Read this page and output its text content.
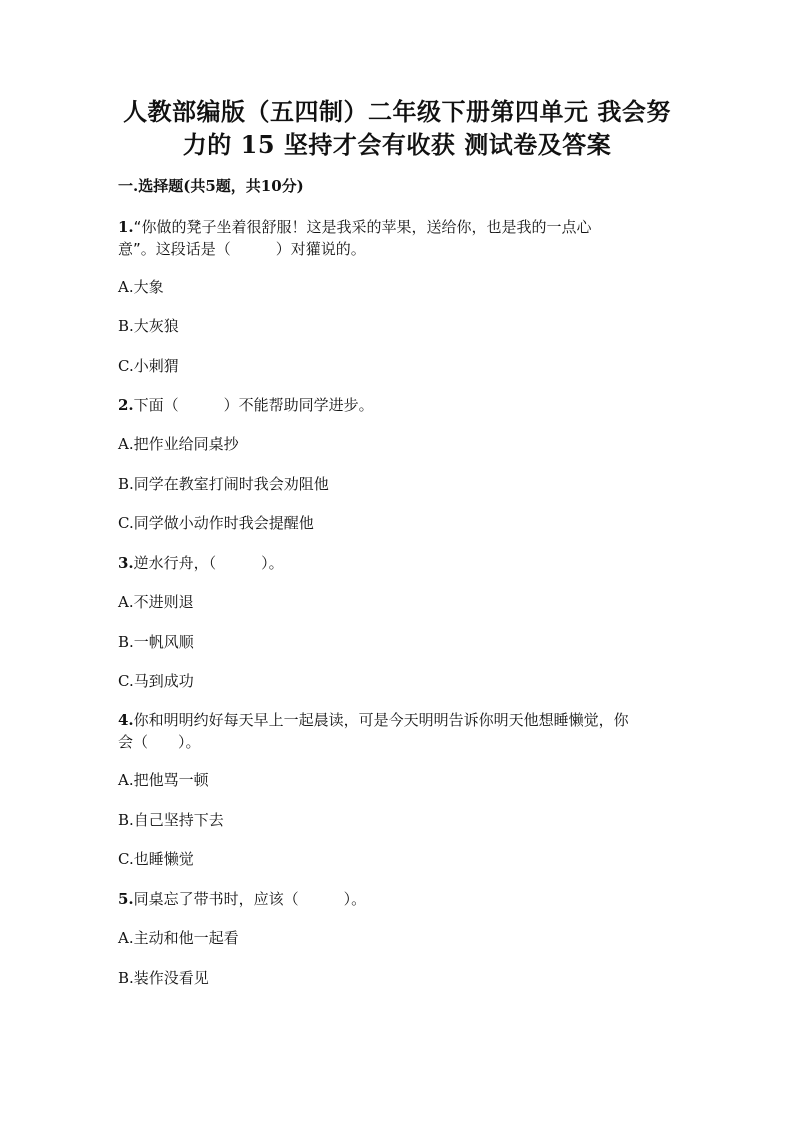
人教部编版（五四制）二年级下册第四单元 我会努
力的 15 坚持才会有收获 测试卷及答案
一.选择题(共5题，共10分)
1.“你做的凳子坐着很舒服！这是我采的苹果，送给你，也是我的一点心
意”。这段话是（　　　）对獾说的。
A.大象
B.大灰狼
C.小刺猬
2.下面（　　　）不能帮助同学进步。
A.把作业给同桌抄
B.同学在教室打闹时我会劝阻他
C.同学做小动作时我会提醒他
3.逆水行舟，（　　　）。
A.不进则退
B.一帆风顺
C.马到成功
4.你和明明约好每天早上一起晨读，可是今天明明告诉你明天他想睡懒觉，你
会（　　）。
A.把他骂一顿
B.自己坚持下去
C.也睡懒觉
5.同桌忘了带书时，应该（　　　）。
A.主动和他一起看
B.装作没看见
